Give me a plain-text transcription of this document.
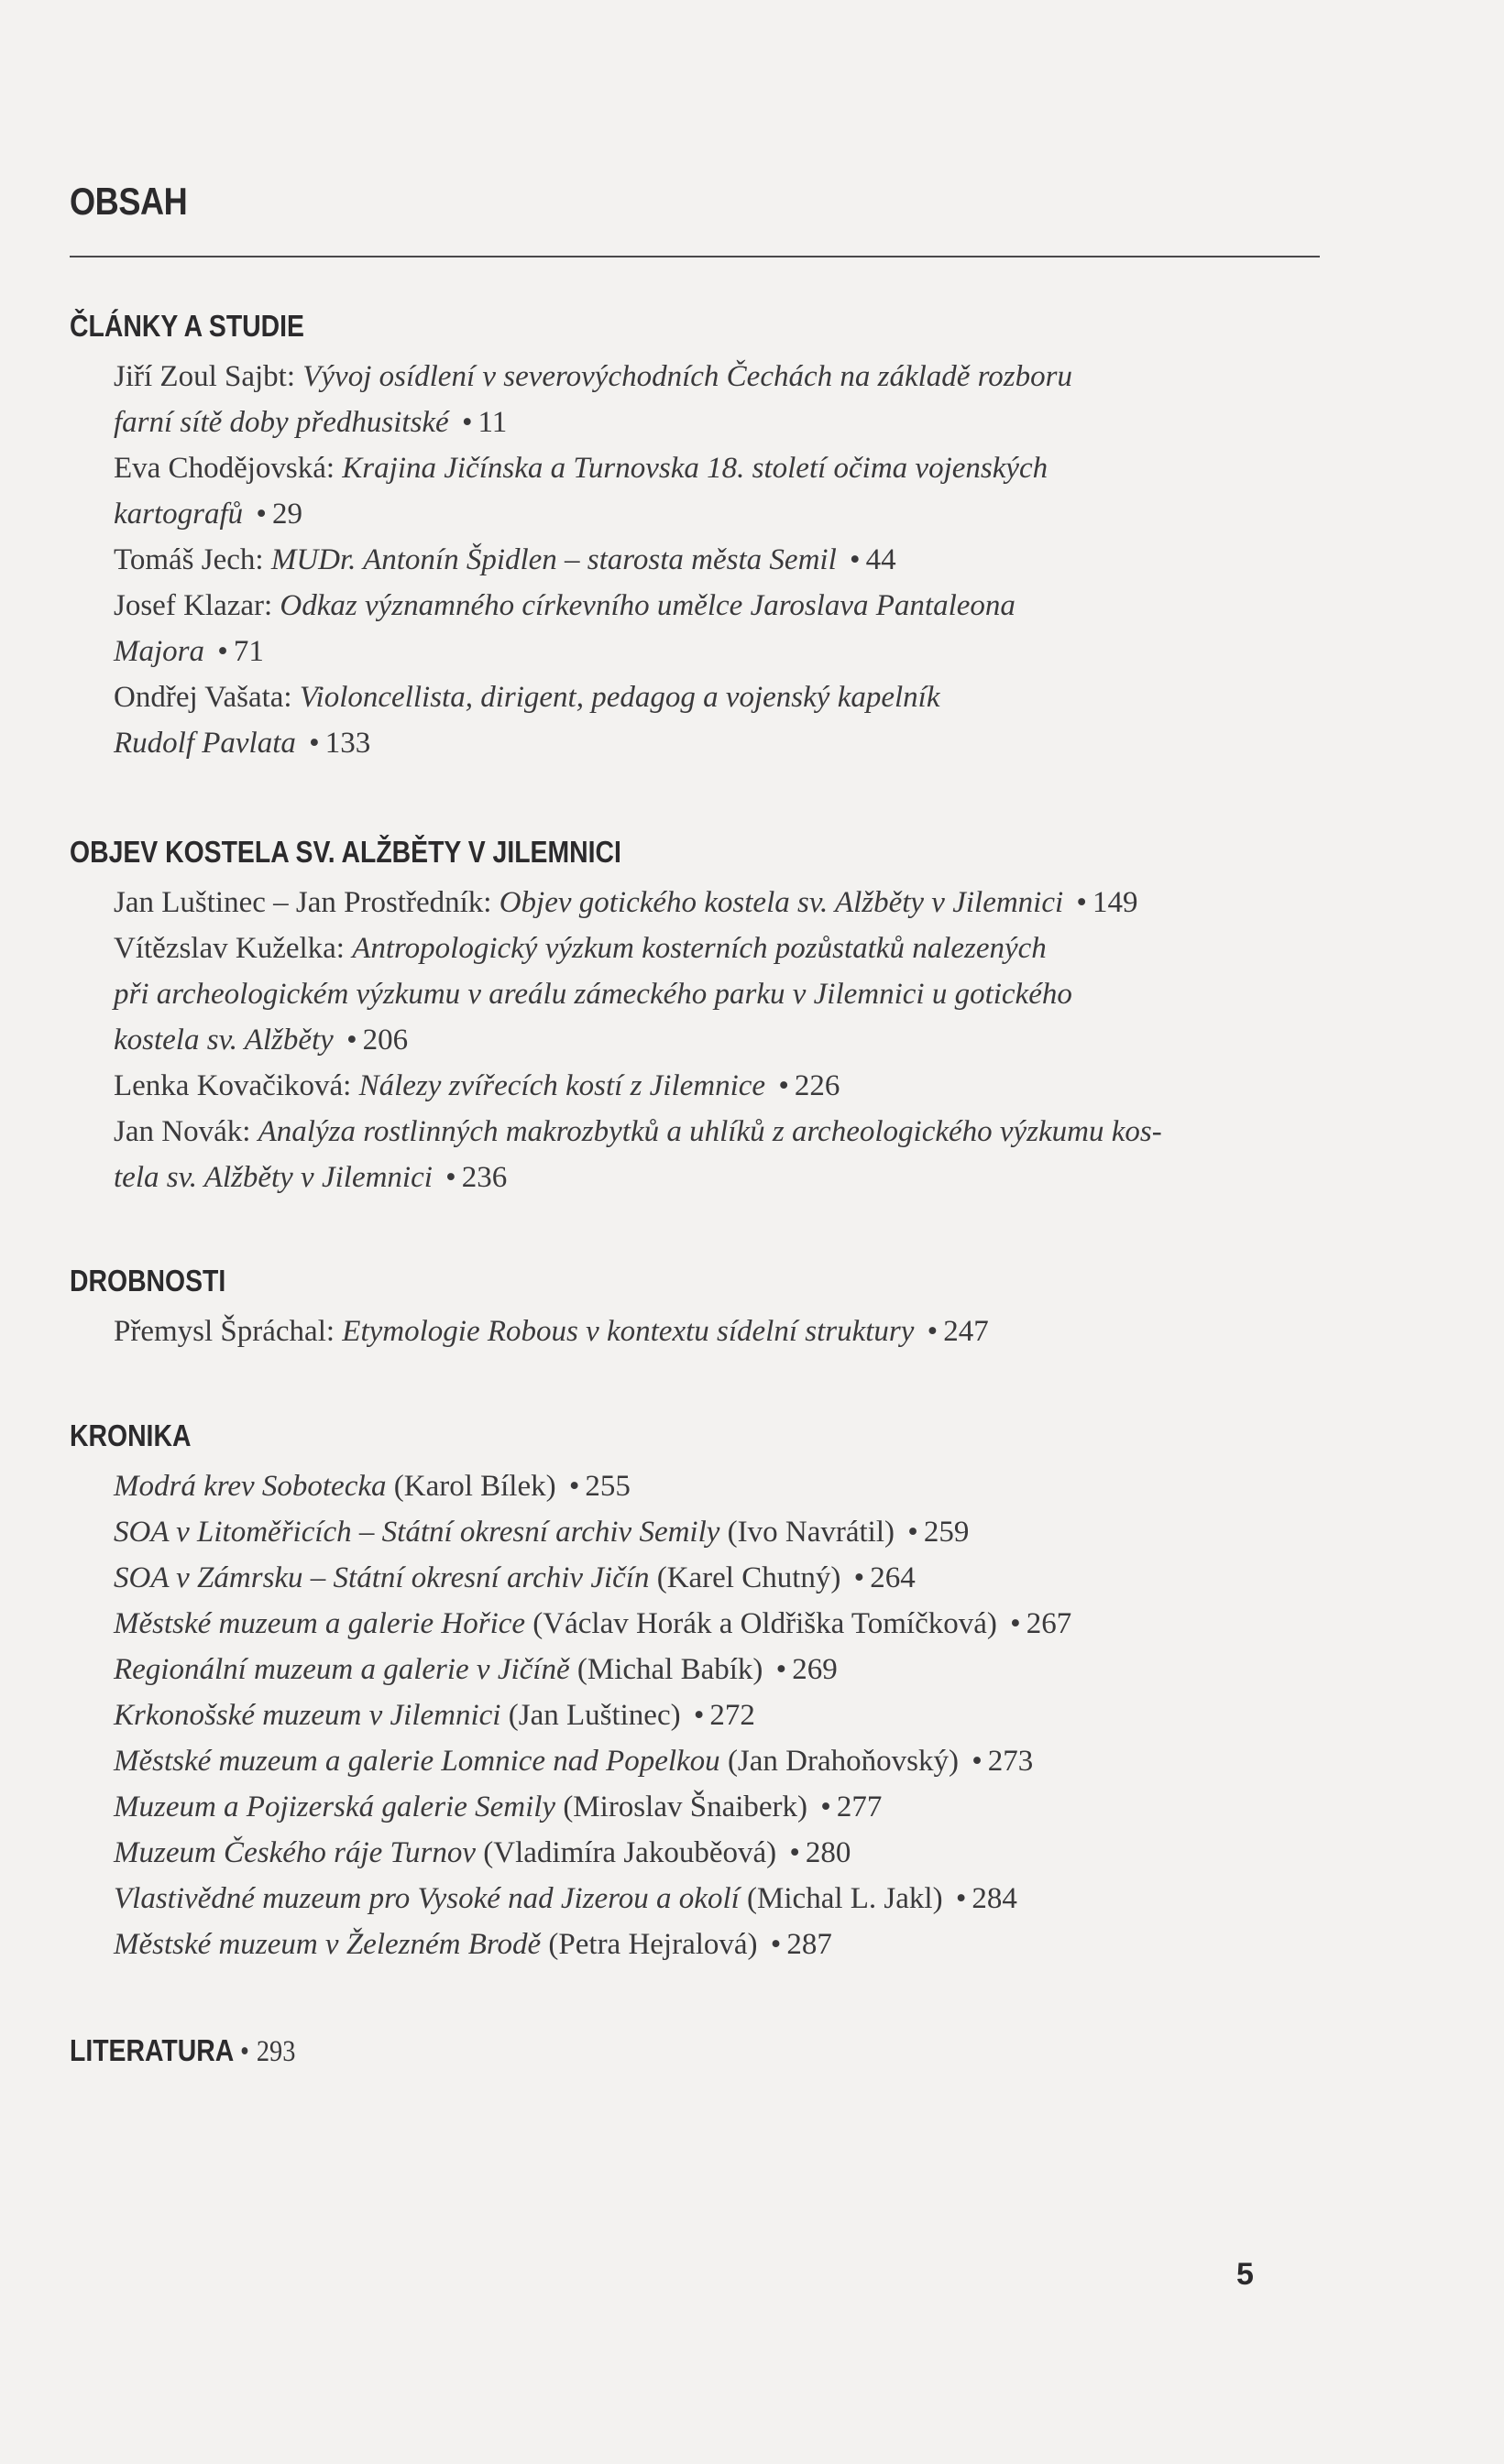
OBSAH
ČLÁNKY A STUDIE

Jiří Zoul Sajbt: Vývoj osídlení v severovýchodních Čechách na základě rozboru
farní sítě doby předhusitské • 11

Eva Chodějovská: Krajina Jičínska a Turnovska 18. století očima vojenských
kartografů • 29

Tomáš Jech: MUDr. Antonín Špidlen – starosta města Semil • 44

Josef Klazar: Odkaz významného církevního umělce Jaroslava Pantaleona
Majora • 71

Ondřej Vašata: Violoncellista, dirigent, pedagog a vojenský kapelník
Rudolf Pavlata • 133

OBJEV KOSTELA SV. ALŽBĚTY V JILEMNICI

Jan Luštinec – Jan Prostředník: Objev gotického kostela sv. Alžběty v Jilemnici • 149

Vítězslav Kuželka: Antropologický výzkum kosterních pozůstatků nalezených
při archeologickém výzkumu v areálu zámeckého parku v Jilemnici u gotického
kostela sv. Alžběty • 206

Lenka Kovačiková: Nálezy zvířecích kostí z Jilemnice • 226

Jan Novák: Analýza rostlinných makrozbytků a uhlíků z archeologického výzkumu kos-
tela sv. Alžběty v Jilemnici • 236

DROBNOSTI

Přemysl Špráchal: Etymologie Robous v kontextu sídelní struktury • 247

KRONIKA

Modrá krev Sobotecka (Karol Bílek) • 255

SOA v Litoměřicích – Státní okresní archiv Semily (Ivo Navrátil) • 259

SOA v Zámrsku – Státní okresní archiv Jičín (Karel Chutný) • 264

Městské muzeum a galerie Hořice (Václav Horák a Oldřiška Tomíčková) • 267

Regionální muzeum a galerie v Jičíně (Michal Babík) • 269

Krkonošské muzeum v Jilemnici (Jan Luštinec) • 272

Městské muzeum a galerie Lomnice nad Popelkou (Jan Drahoňovský) • 273

Muzeum a Pojizerská galerie Semily (Miroslav Šnaiberk) • 277

Muzeum Českého ráje Turnov (Vladimíra Jakouběová) • 280

Vlastivědné muzeum pro Vysoké nad Jizerou a okolí (Michal L. Jakl) • 284

Městské muzeum v Železném Brodě (Petra Hejralová) • 287

LITERATURA • 293
5
